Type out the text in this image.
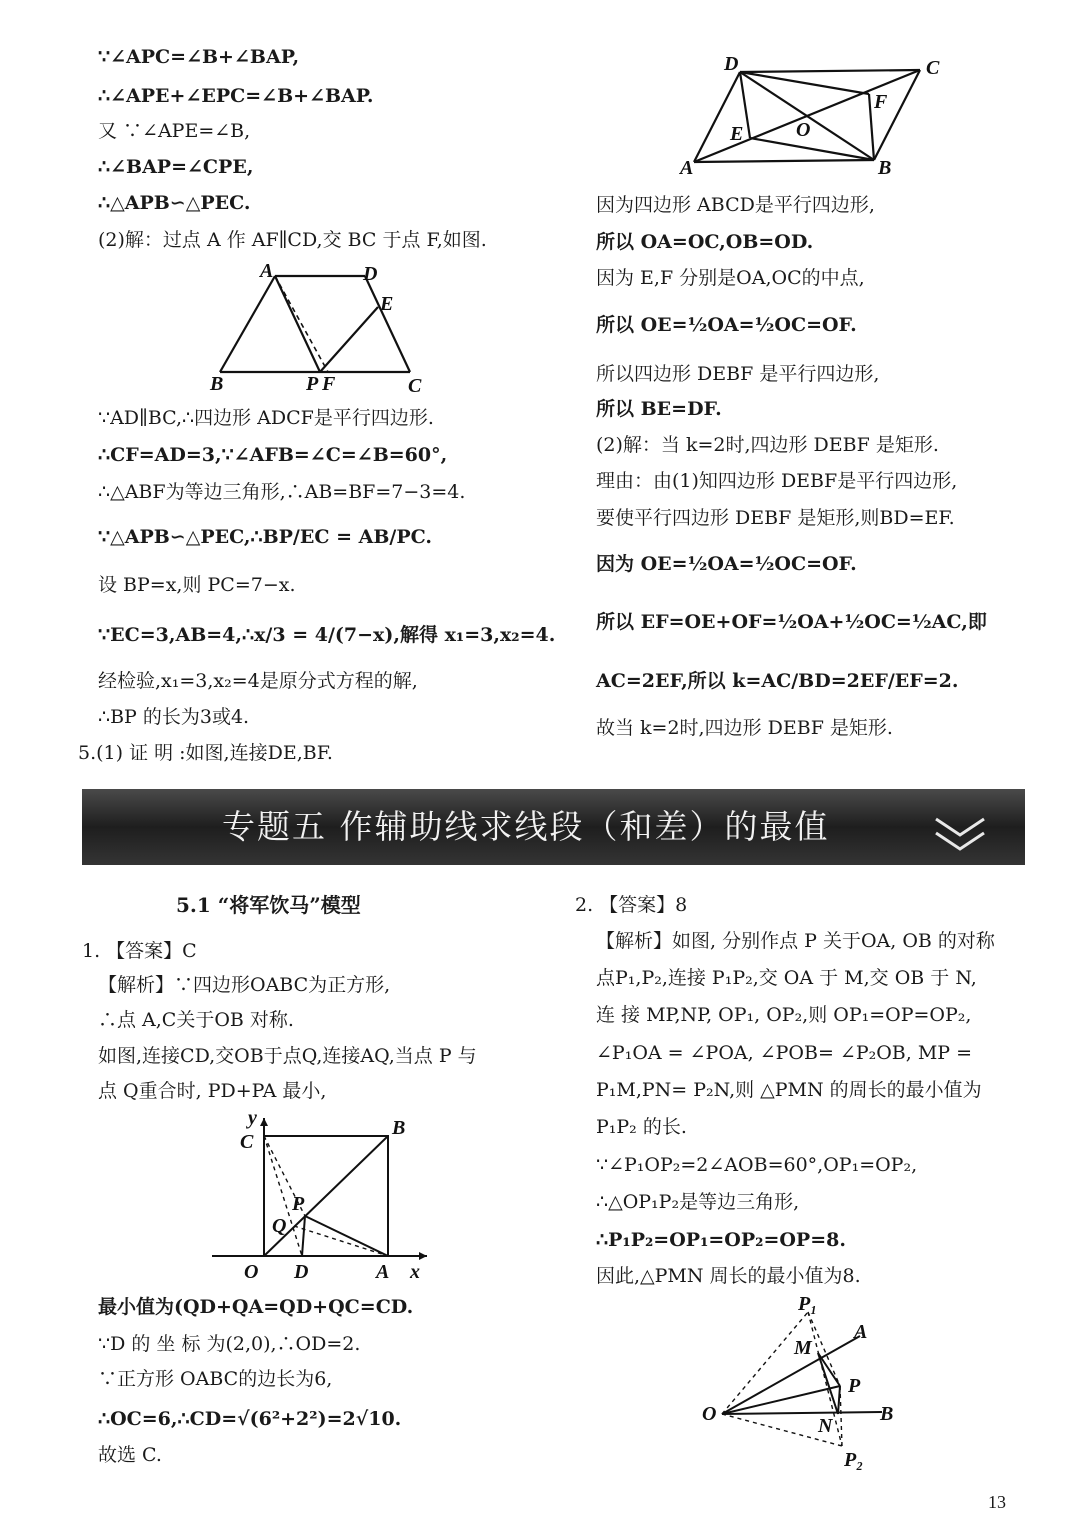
∵∠APC=∠B+∠BAP,
∴∠APE+∠EPC=∠B+∠BAP.
又 ∵∠APE=∠B,
∴∠BAP=∠CPE,
∴△APB∽△PEC.
(2)解：过点 A 作 AF∥CD,交 BC 于点 F,如图.
A	D
E
B	P F	C
∵AD∥BC,∴四边形 ADCF是平行四边形.
∴CF=AD=3,∵∠AFB=∠C=∠B=60°,
∴△ABF为等边三角形,∴AB=BF=7−3=4.
∵△APB∽△PEC,∴BP/EC = AB/PC.
设 BP=x,则 PC=7−x.
∵EC=3,AB=4,∴x/3 = 4/(7−x),解得 x₁=3,x₂=4.
经检验,x₁=3,x₂=4是原分式方程的解,
∴BP 的长为3或4.
5.(1) 证 明 :如图,连接DE,BF.
D	C
F
E	O
A	B
因为四边形 ABCD是平行四边形,
所以 OA=OC,OB=OD.
因为 E,F 分别是OA,OC的中点,
所以 OE=½OA=½OC=OF.
所以四边形 DEBF 是平行四边形,
所以 BE=DF.
(2)解：当 k=2时,四边形 DEBF 是矩形.
理由：由(1)知四边形 DEBF是平行四边形,
要使平行四边形 DEBF 是矩形,则BD=EF.
因为 OE=½OA=½OC=OF.
所以 EF=OE+OF=½OA+½OC=½AC,即
AC=2EF,所以 k=AC/BD=2EF/EF=2.
故当 k=2时,四边形 DEBF 是矩形.
专题五 作辅助线求线段（和差）的最值
5.1 “将军饮马”模型
1. 【答案】C
【解析】∵四边形OABC为正方形,
∴点 A,C关于OB 对称.
如图,连接CD,交OB于点Q,连接AQ,当点 P 与
点 Q重合时, PD+PA 最小,
y
C
B
P
Q
O D	A x
最小值为(QD+QA=QD+QC=CD.
∵D 的 坐 标 为(2,0),∴OD=2.
∵正方形 OABC的边长为6,
∴OC=6,∴CD=√(6²+2²)=2√10.
故选 C.
2. 【答案】8
【解析】如图, 分别作点 P 关于OA, OB 的对称
点P₁,P₂,连接 P₁P₂,交 OA 于 M,交 OB 于 N,
连 接 MP,NP, OP₁, OP₂,则 OP₁=OP=OP₂,
∠P₁OA = ∠POA, ∠POB= ∠P₂OB, MP =
P₁M,PN= P₂N,则 △PMN 的周长的最小值为
P₁P₂ 的长.
∵∠P₁OP₂=2∠AOB=60°,OP₁=OP₂,
∴△OP₁P₂是等边三角形,
∴P₁P₂=OP₁=OP₂=OP=8.
因此,△PMN 周长的最小值为8.
P₁
A
M
P
O	B
N
P₂
13
